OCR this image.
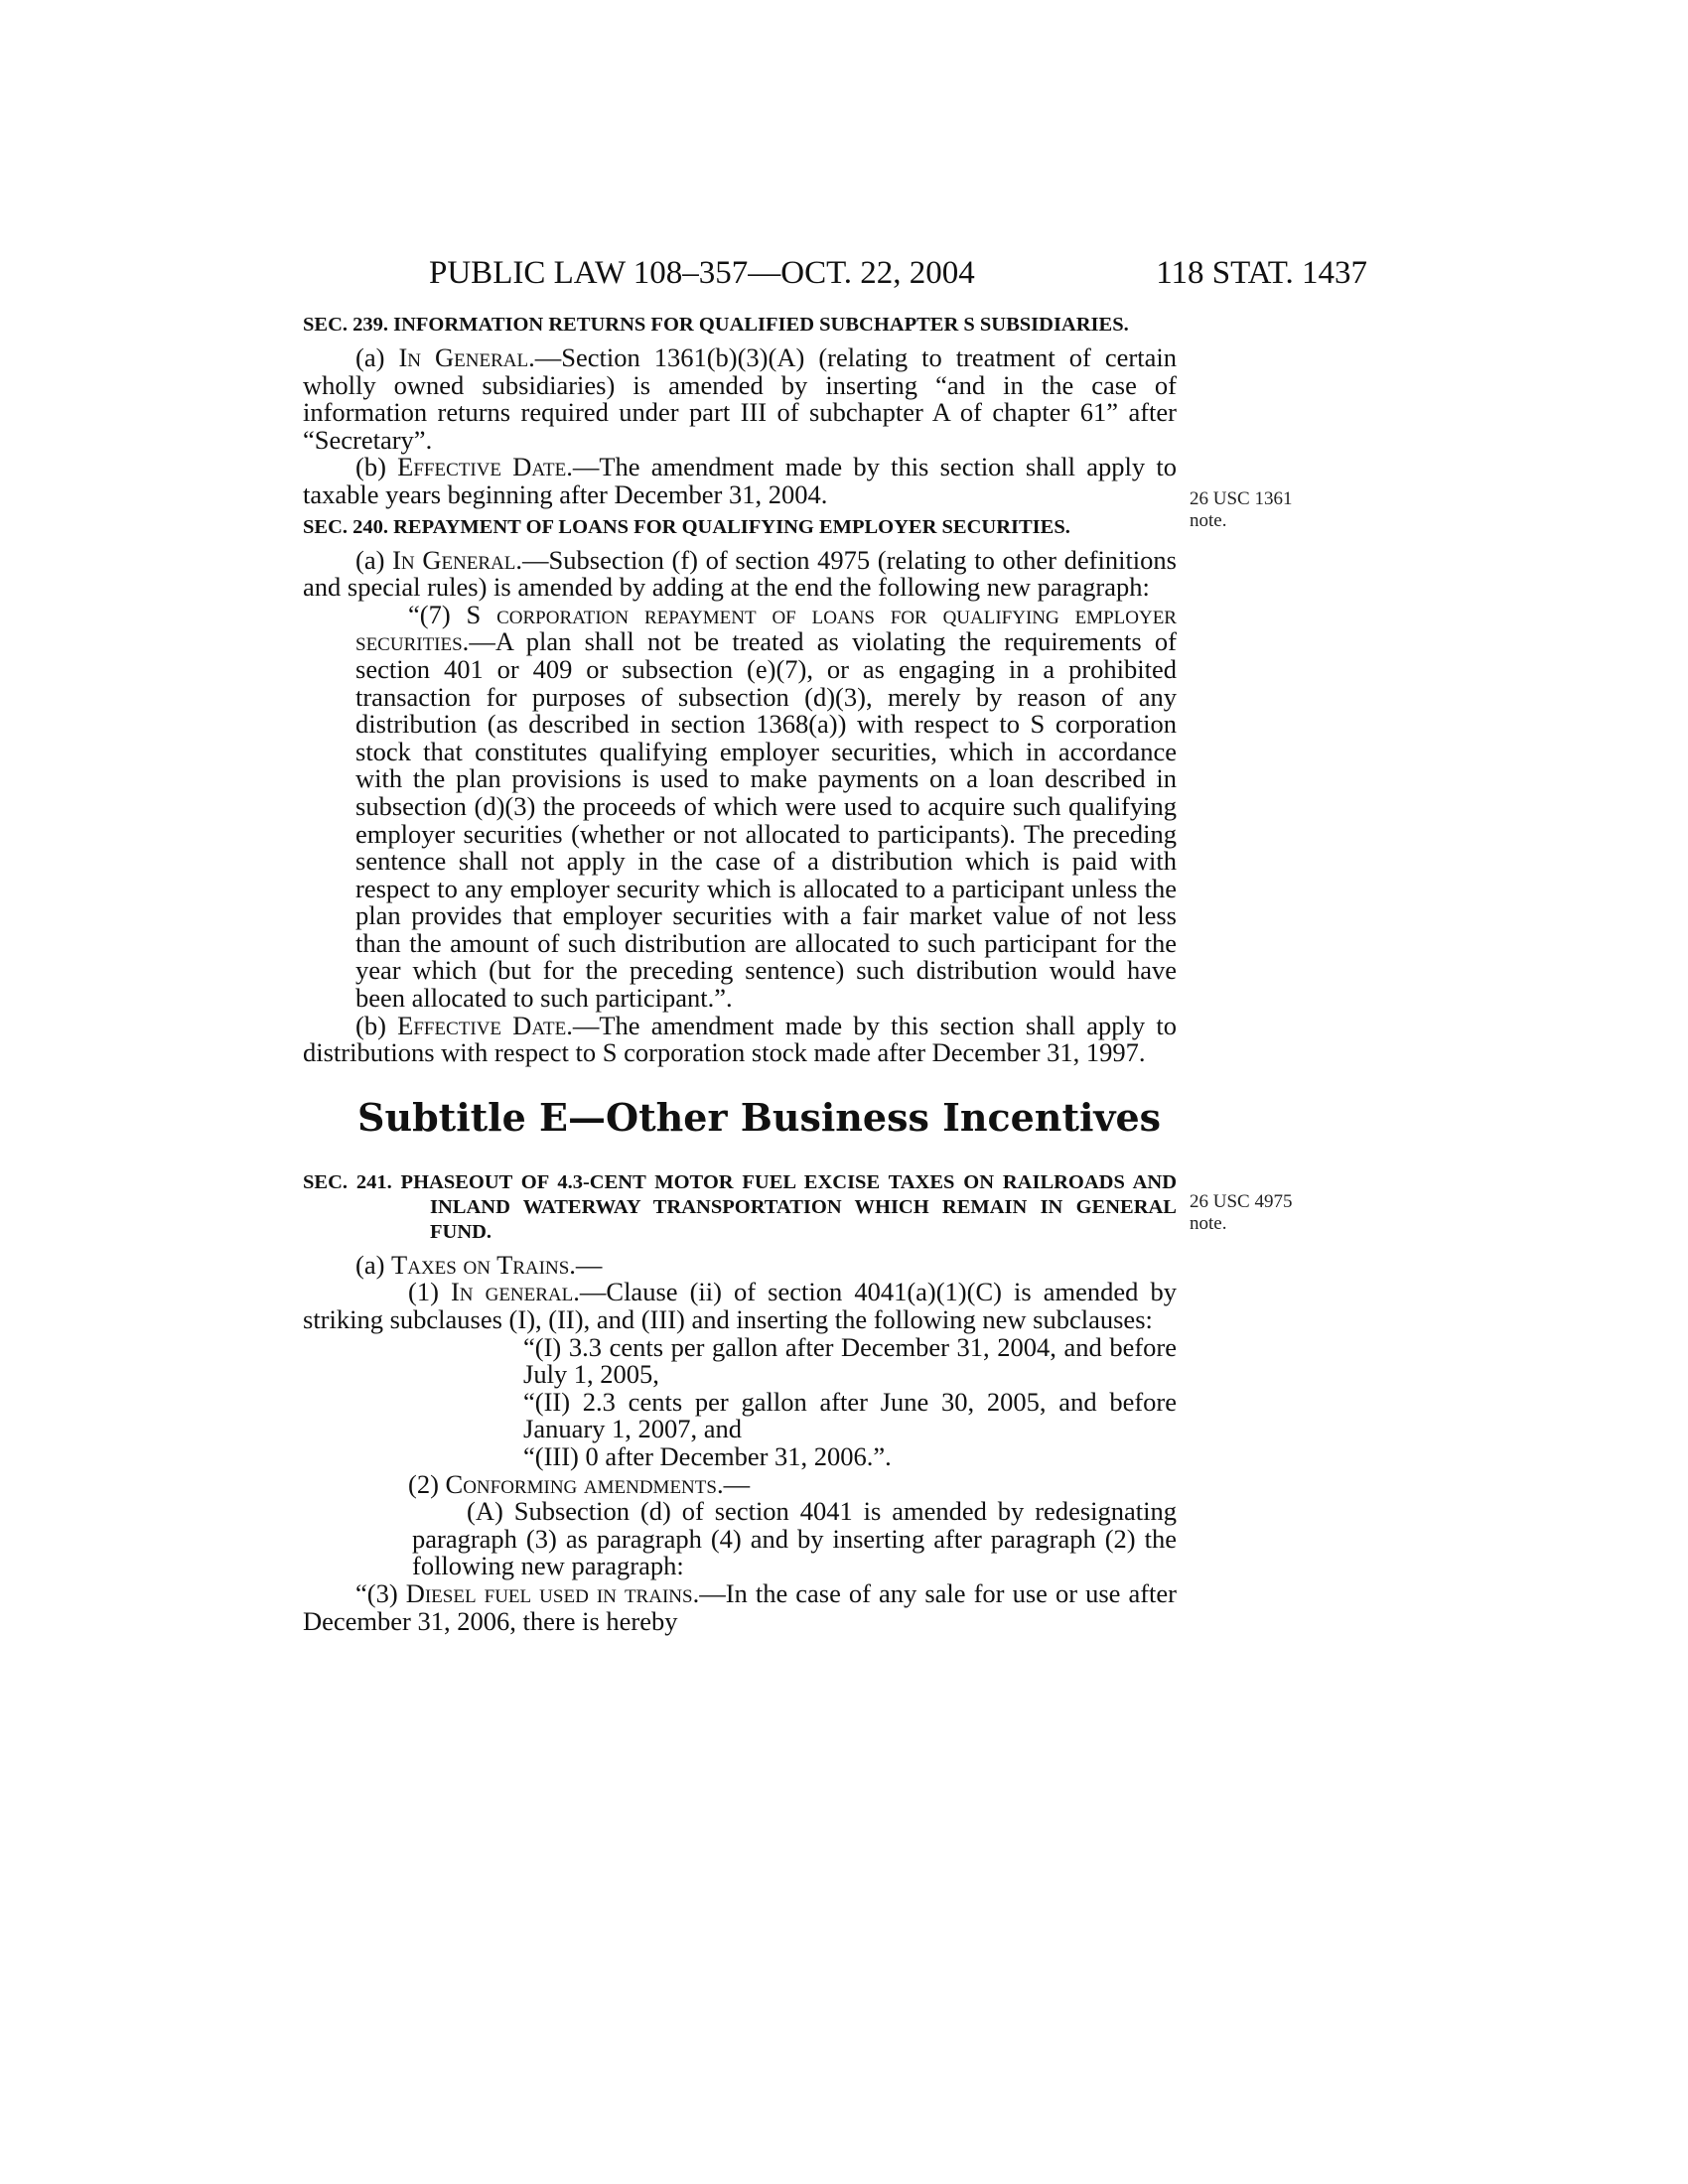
PUBLIC LAW 108–357—OCT. 22, 2004	118 STAT. 1437
SEC. 239. INFORMATION RETURNS FOR QUALIFIED SUBCHAPTER S SUBSIDIARIES.

(a) In General.—Section 1361(b)(3)(A) (relating to treatment of certain wholly owned subsidiaries) is amended by inserting “and in the case of information returns required under part III of subchapter A of chapter 61” after “Secretary”.

(b) Effective Date.—The amendment made by this section shall apply to taxable years beginning after December 31, 2004.

SEC. 240. REPAYMENT OF LOANS FOR QUALIFYING EMPLOYER SECURITIES.

(a) In General.—Subsection (f) of section 4975 (relating to other definitions and special rules) is amended by adding at the end the following new paragraph:

“(7) S corporation repayment of loans for qualifying employer securities.—A plan shall not be treated as violating the requirements of section 401 or 409 or subsection (e)(7), or as engaging in a prohibited transaction for purposes of subsection (d)(3), merely by reason of any distribution (as described in section 1368(a)) with respect to S corporation stock that constitutes qualifying employer securities, which in accordance with the plan provisions is used to make payments on a loan described in subsection (d)(3) the proceeds of which were used to acquire such qualifying employer securities (whether or not allocated to participants). The preceding sentence shall not apply in the case of a distribution which is paid with respect to any employer security which is allocated to a participant unless the plan provides that employer securities with a fair market value of not less than the amount of such distribution are allocated to such participant for the year which (but for the preceding sentence) such distribution would have been allocated to such participant.”.

(b) Effective Date.—The amendment made by this section shall apply to distributions with respect to S corporation stock made after December 31, 1997.

Subtitle E—Other Business Incentives
SEC. 241. PHASEOUT OF 4.3-CENT MOTOR FUEL EXCISE TAXES ON RAILROADS AND INLAND WATERWAY TRANSPORTATION WHICH REMAIN IN GENERAL FUND.

(a) Taxes on Trains.—

(1) In general.—Clause (ii) of section 4041(a)(1)(C) is amended by striking subclauses (I), (II), and (III) and inserting the following new subclauses:

“(I) 3.3 cents per gallon after December 31, 2004, and before July 1, 2005,

“(II) 2.3 cents per gallon after June 30, 2005, and before January 1, 2007, and

“(III) 0 after December 31, 2006.”.

(2) Conforming amendments.—

(A) Subsection (d) of section 4041 is amended by redesignating paragraph (3) as paragraph (4) and by inserting after paragraph (2) the following new paragraph:

“(3) Diesel fuel used in trains.—In the case of any sale for use or use after December 31, 2006, there is hereby

26 USC 1361
note.
26 USC 4975
note.
